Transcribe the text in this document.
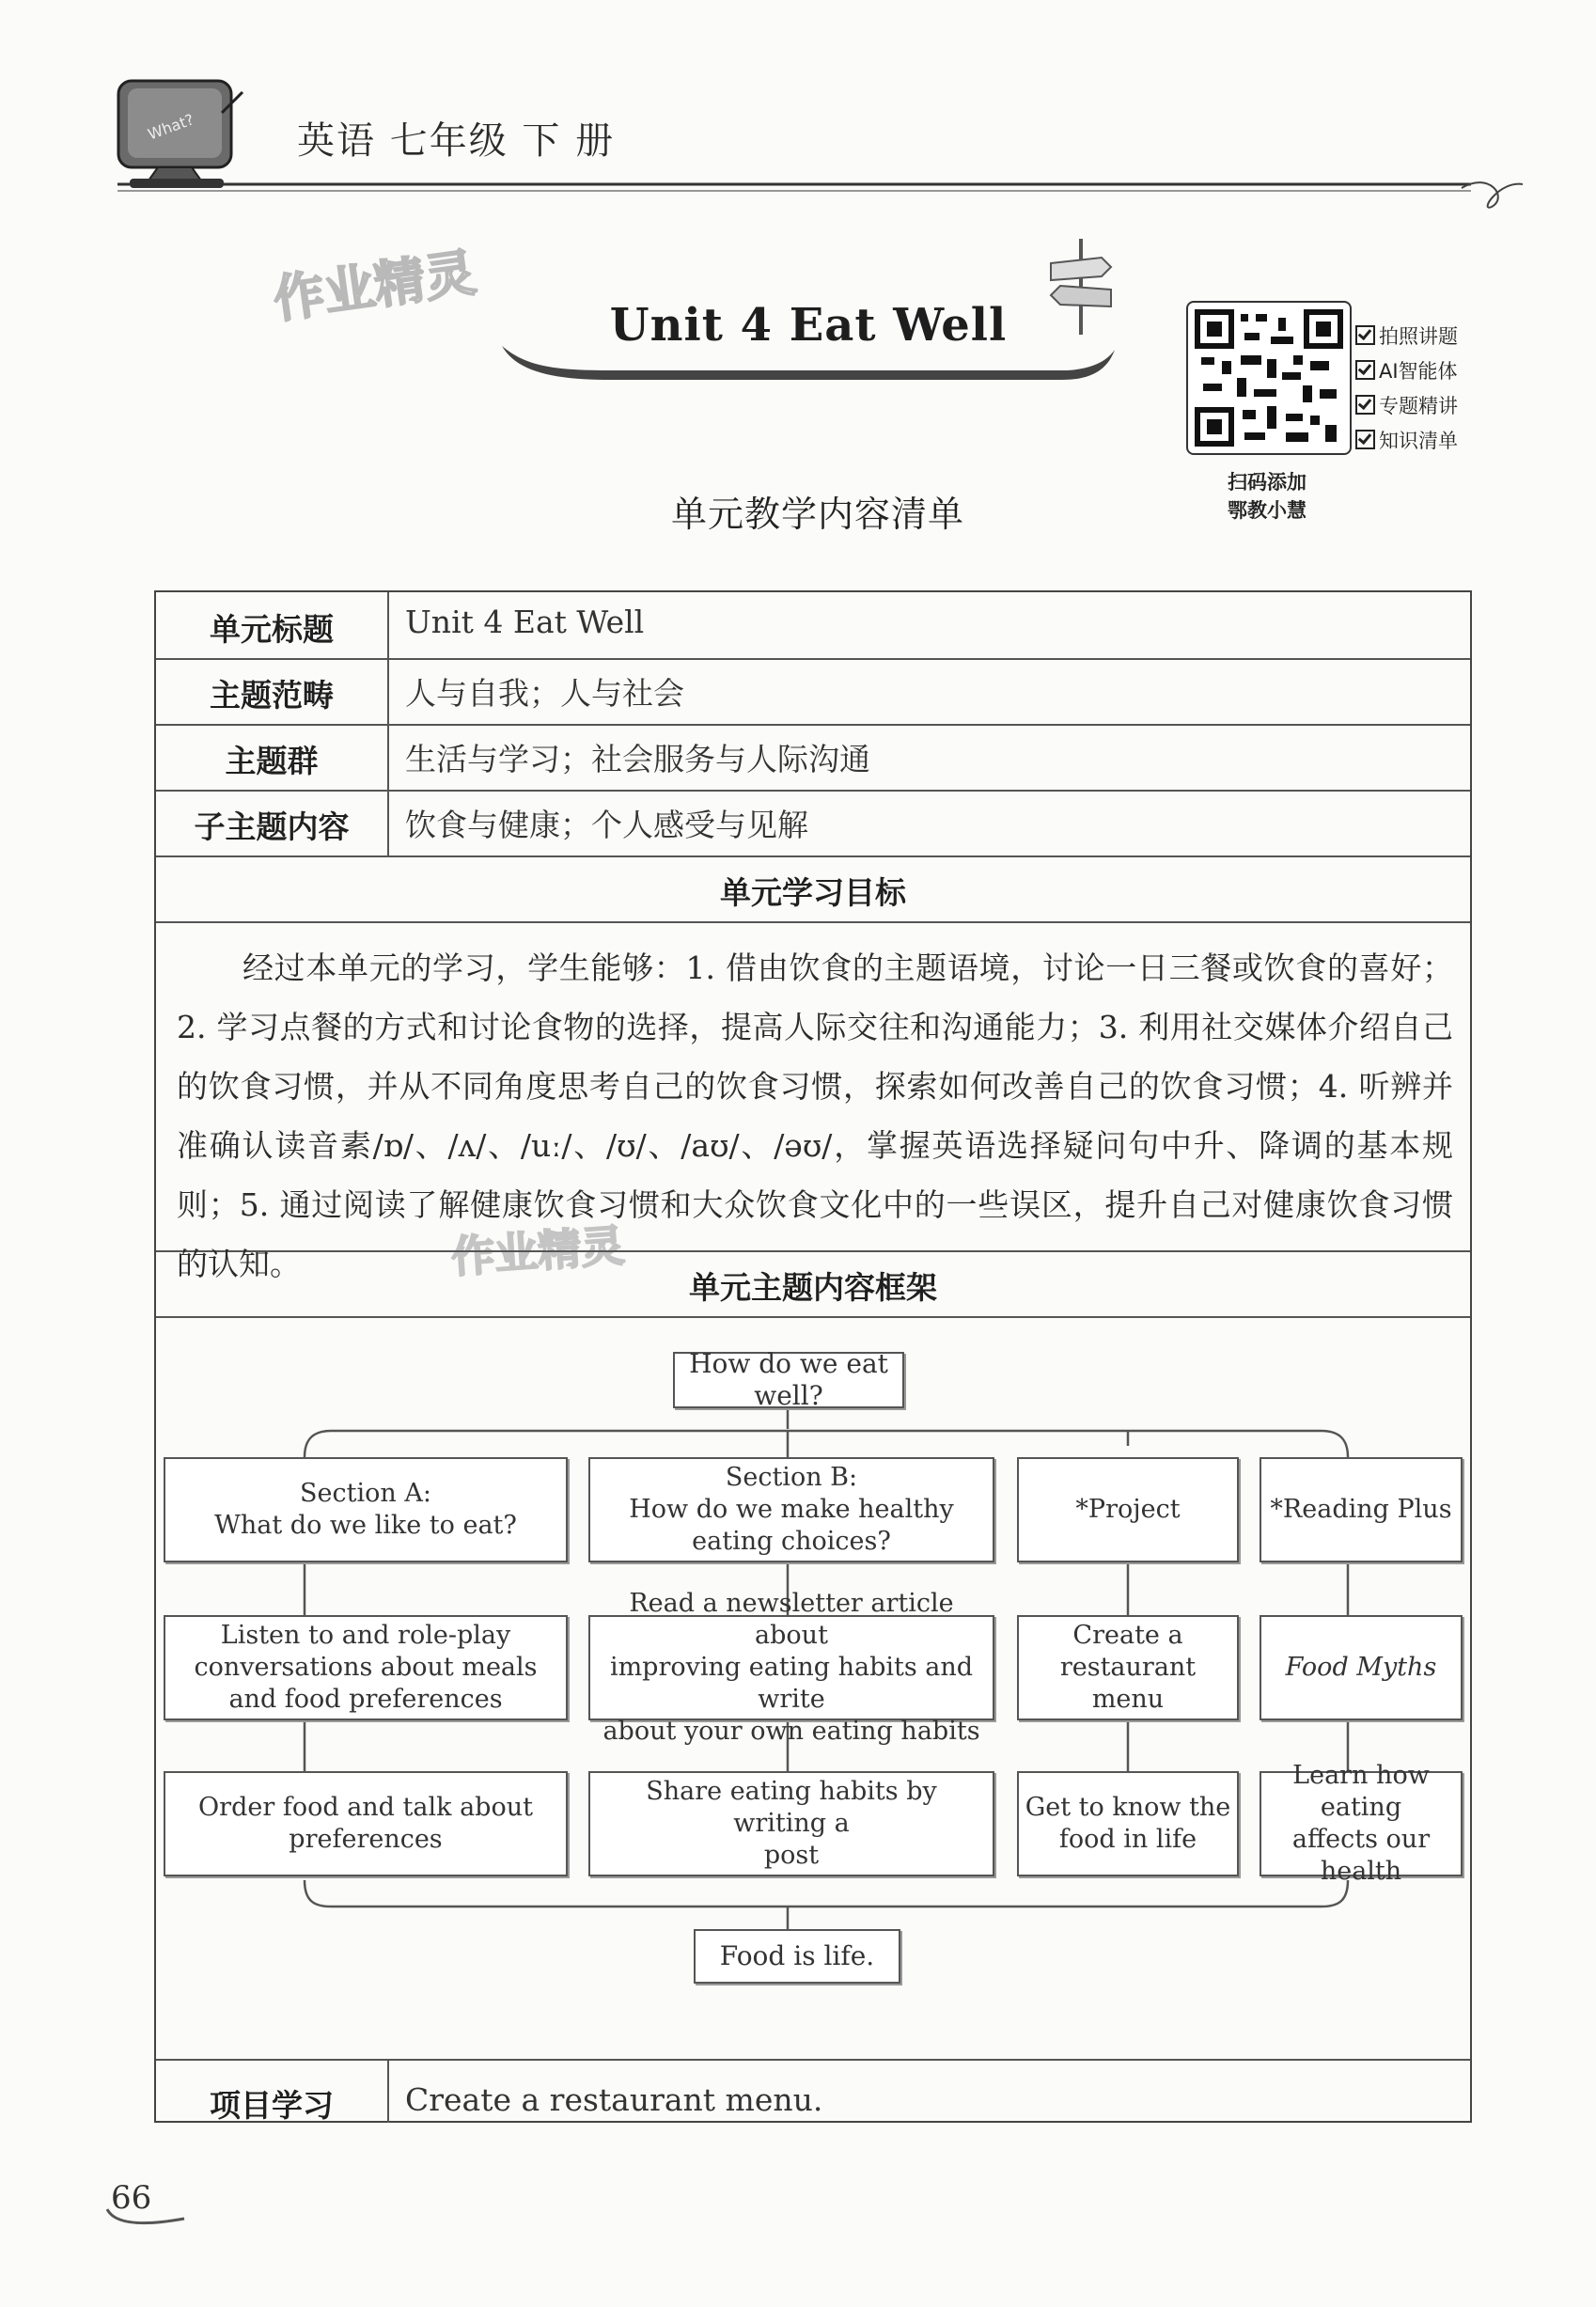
What?	英语 七年级 下 册
作业精灵
作业精灵
Unit 4 Eat Well	拍照讲题
AI智能体
专题精讲
知识清单
扫码添加
鄂教小慧
单元教学内容清单
单元标题	Unit 4 Eat Well
主题范畴	人与自我；人与社会
主题群	生活与学习；社会服务与人际沟通
子主题内容	饮食与健康；个人感受与见解
单元学习目标
经过本单元的学习，学生能够：1. 借由饮食的主题语境，讨论一日三餐或饮食的喜好；2. 学习点餐的方式和讨论食物的选择，提高人际交往和沟通能力；3. 利用社交媒体介绍自己的饮食习惯，并从不同角度思考自己的饮食习惯，探索如何改善自己的饮食习惯；4. 听辨并准确认读音素/ɒ/、/ʌ/、/uː/、/ʊ/、/aʊ/、/əʊ/，掌握英语选择疑问句中升、降调的基本规则；5. 通过阅读了解健康饮食习惯和大众饮食文化中的一些误区，提升自己对健康饮食习惯的认知。
单元主题内容框架
How do we eat well?
Section A:
What do we like to eat?
Listen to and role-play
conversations about meals
and food preferences
Order food and talk about
preferences
Section B:
How do we make healthy
eating choices?
Read a newsletter article about
improving eating habits and write
about your own eating habits
Share eating habits by writing a
post
*Project
Create a restaurant
menu
Get to know the
food in life
*Reading Plus
Food Myths
Learn how eating
affects our health
Food is life.
项目学习	Create a restaurant menu.
66
